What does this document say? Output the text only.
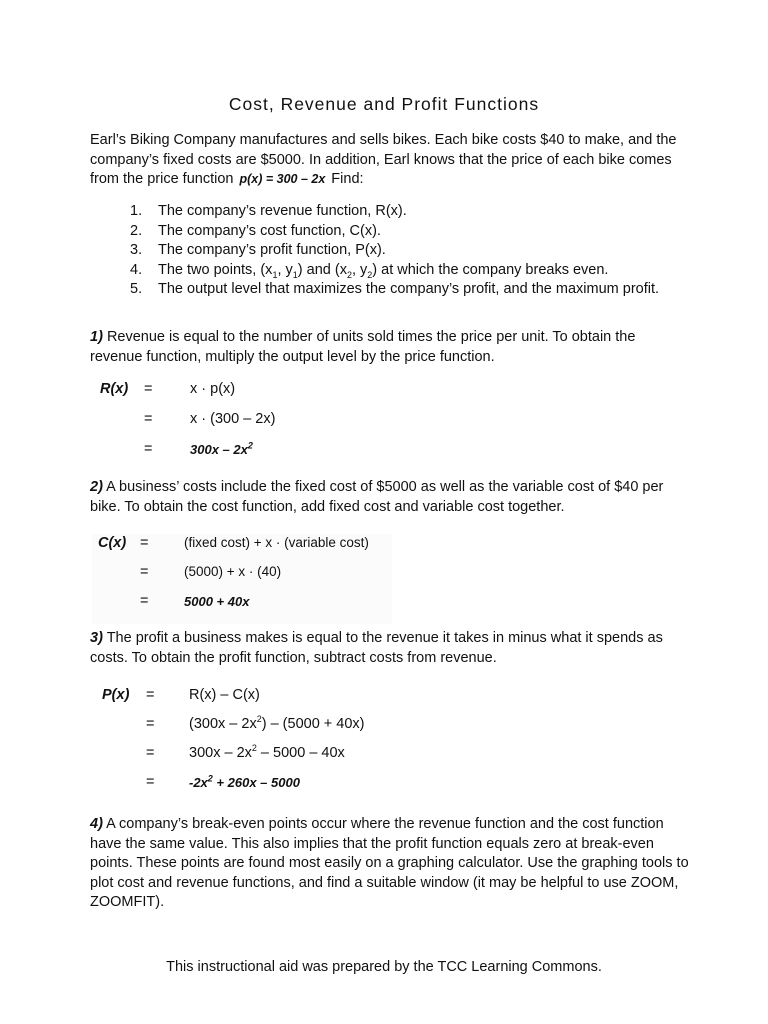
Cost, Revenue and Profit Functions
Earl’s Biking Company manufactures and sells bikes. Each bike costs $40 to make, and the company’s fixed costs are $5000. In addition, Earl knows that the price of each bike comes from the price function p(x) = 300 – 2x Find:
1.	The company’s revenue function, R(x).
2.	The company’s cost function, C(x).
3.	The company’s profit function, P(x).
4.	The two points, ($x_1$, $y_1$) and ($x_2$, $y_2$) at which the company breaks even.
5.	The output level that maximizes the company’s profit, and the maximum profit.
1) Revenue is equal to the number of units sold times the price per unit. To obtain the revenue function, multiply the output level by the price function.
R(x) =	x · p(x)
=	x · (300 – 2x)
=	$300x - 2x^2$
2) A business’ costs include the fixed cost of $5000 as well as the variable cost of $40 per bike. To obtain the cost function, add fixed cost and variable cost together.
C(x) =	(fixed cost) + x · (variable cost)
=	(5000) + x · (40)
=	5000 + 40x
3) The profit a business makes is equal to the revenue it takes in minus what it spends as costs. To obtain the profit function, subtract costs from revenue.
P(x) = R(x) – C(x)
= $(300x - 2x^2) - (5000 + 40x)$
= $300x - 2x^2 - 5000 - 40x$
=	$-2x^2 + 260x - 5000$
4) A company’s break-even points occur where the revenue function and the cost function have the same value. This also implies that the profit function equals zero at break-even points. These points are found most easily on a graphing calculator. Use the graphing tools to plot cost and revenue functions, and find a suitable window (it may be helpful to use ZOOM, ZOOMFIT).
This instructional aid was prepared by the TCC Learning Commons.
